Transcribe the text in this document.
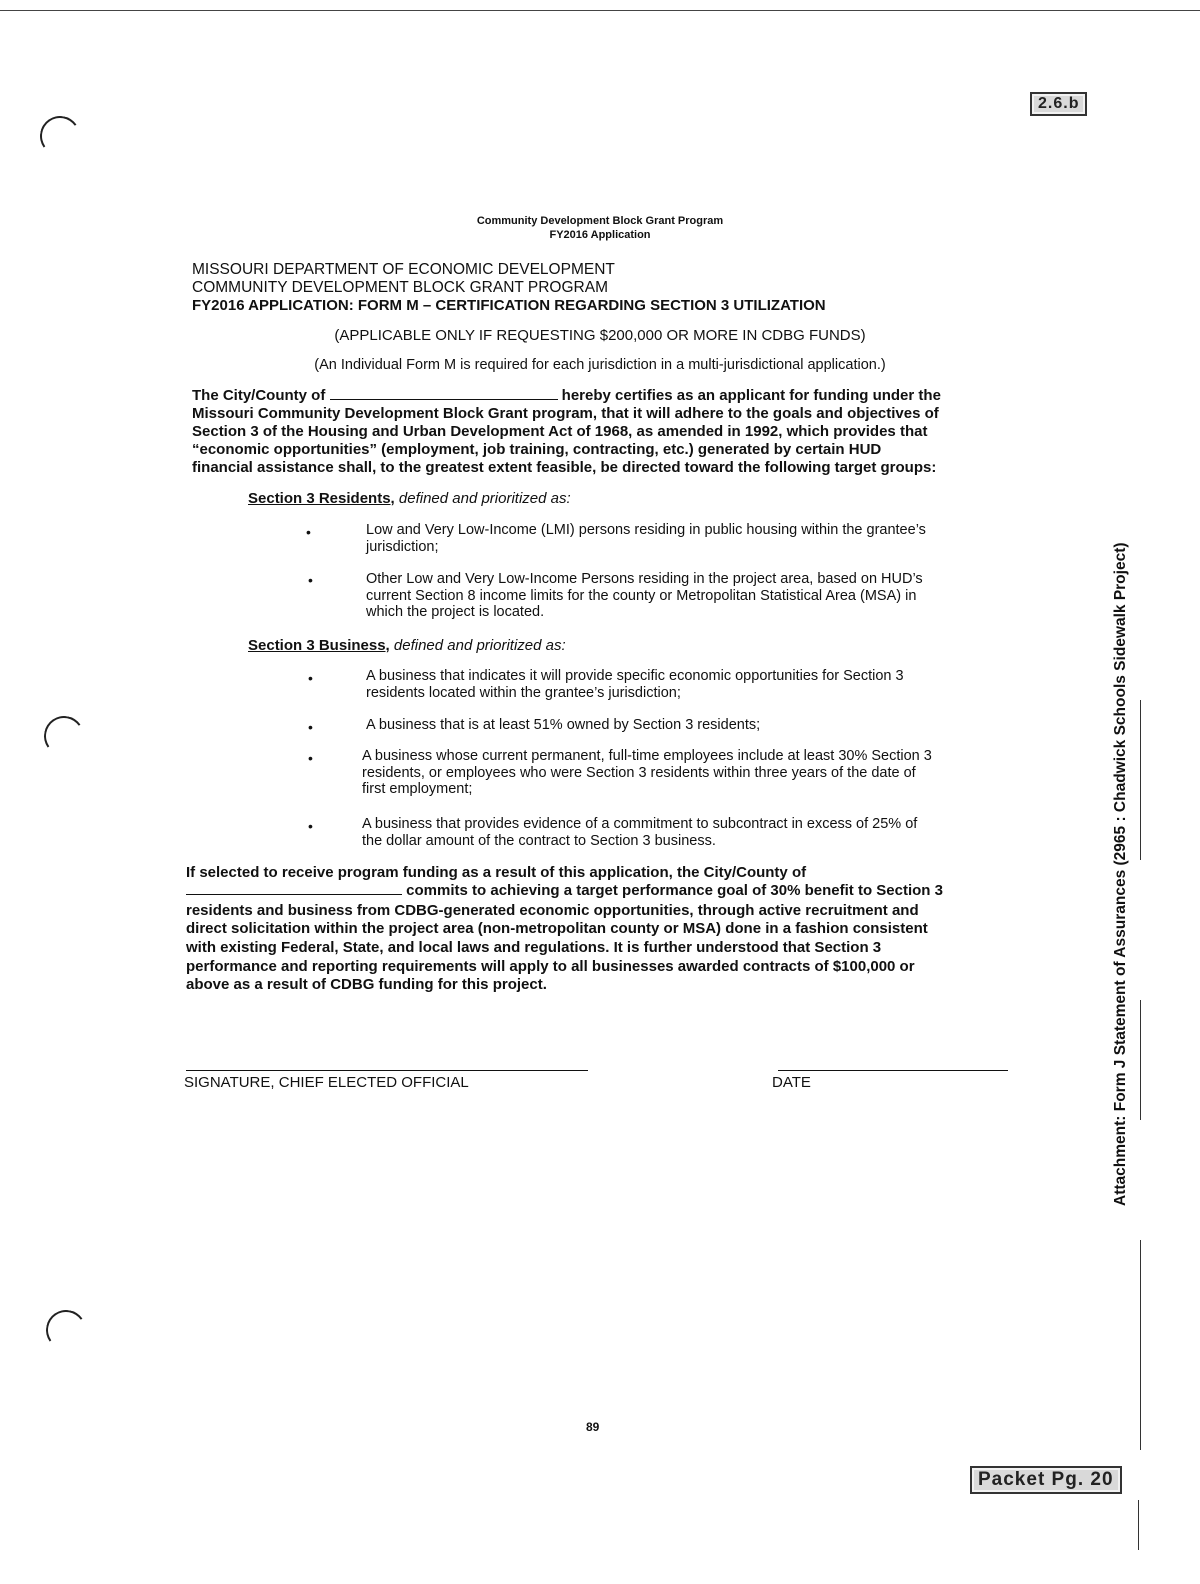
2.6.b
Packet Pg. 20
Community Development Block Grant Program
FY2016 Application
MISSOURI DEPARTMENT OF ECONOMIC DEVELOPMENT
COMMUNITY DEVELOPMENT BLOCK GRANT PROGRAM
FY2016 APPLICATION: FORM M – CERTIFICATION REGARDING SECTION 3 UTILIZATION
(APPLICABLE ONLY IF REQUESTING $200,000 OR MORE IN CDBG FUNDS)
(An Individual Form M is required for each jurisdiction in a multi-jurisdictional application.)
The City/County of	hereby certifies as an applicant for funding under the
Missouri Community Development Block Grant program, that it will adhere to the goals and objectives of
Section 3 of the Housing and Urban Development Act of 1968, as amended in 1992, which provides that
“economic opportunities” (employment, job training, contracting, etc.) generated by certain HUD
financial assistance shall, to the greatest extent feasible, be directed toward the following target groups:
Section 3 Residents, defined and prioritized as:
•	Low and Very Low-Income (LMI) persons residing in public housing within the grantee’s
jurisdiction;
•	Other Low and Very Low-Income Persons residing in the project area, based on HUD’s
current Section 8 income limits for the county or Metropolitan Statistical Area (MSA) in
which the project is located.
Section 3 Business, defined and prioritized as:
•	A business that indicates it will provide specific economic opportunities for Section 3
residents located within the grantee’s jurisdiction;
•	A business that is at least 51% owned by Section 3 residents;
•	A business whose current permanent, full-time employees include at least 30% Section 3
residents, or employees who were Section 3 residents within three years of the date of
first employment;
•	A business that provides evidence of a commitment to subcontract in excess of 25% of
the dollar amount of the contract to Section 3 business.
If selected to receive program funding as a result of this application, the City/County of
commits to achieving a target performance goal of 30% benefit to Section 3
residents and business from CDBG-generated economic opportunities, through active recruitment and
direct solicitation within the project area (non-metropolitan county or MSA) done in a fashion consistent
with existing Federal, State, and local laws and regulations. It is further understood that Section 3
performance and reporting requirements will apply to all businesses awarded contracts of $100,000 or
above as a result of CDBG funding for this project.
SIGNATURE, CHIEF ELECTED OFFICIAL	DATE
89
Attachment: Form J Statement of Assurances (2965 : Chadwick Schools Sidewalk Project)
